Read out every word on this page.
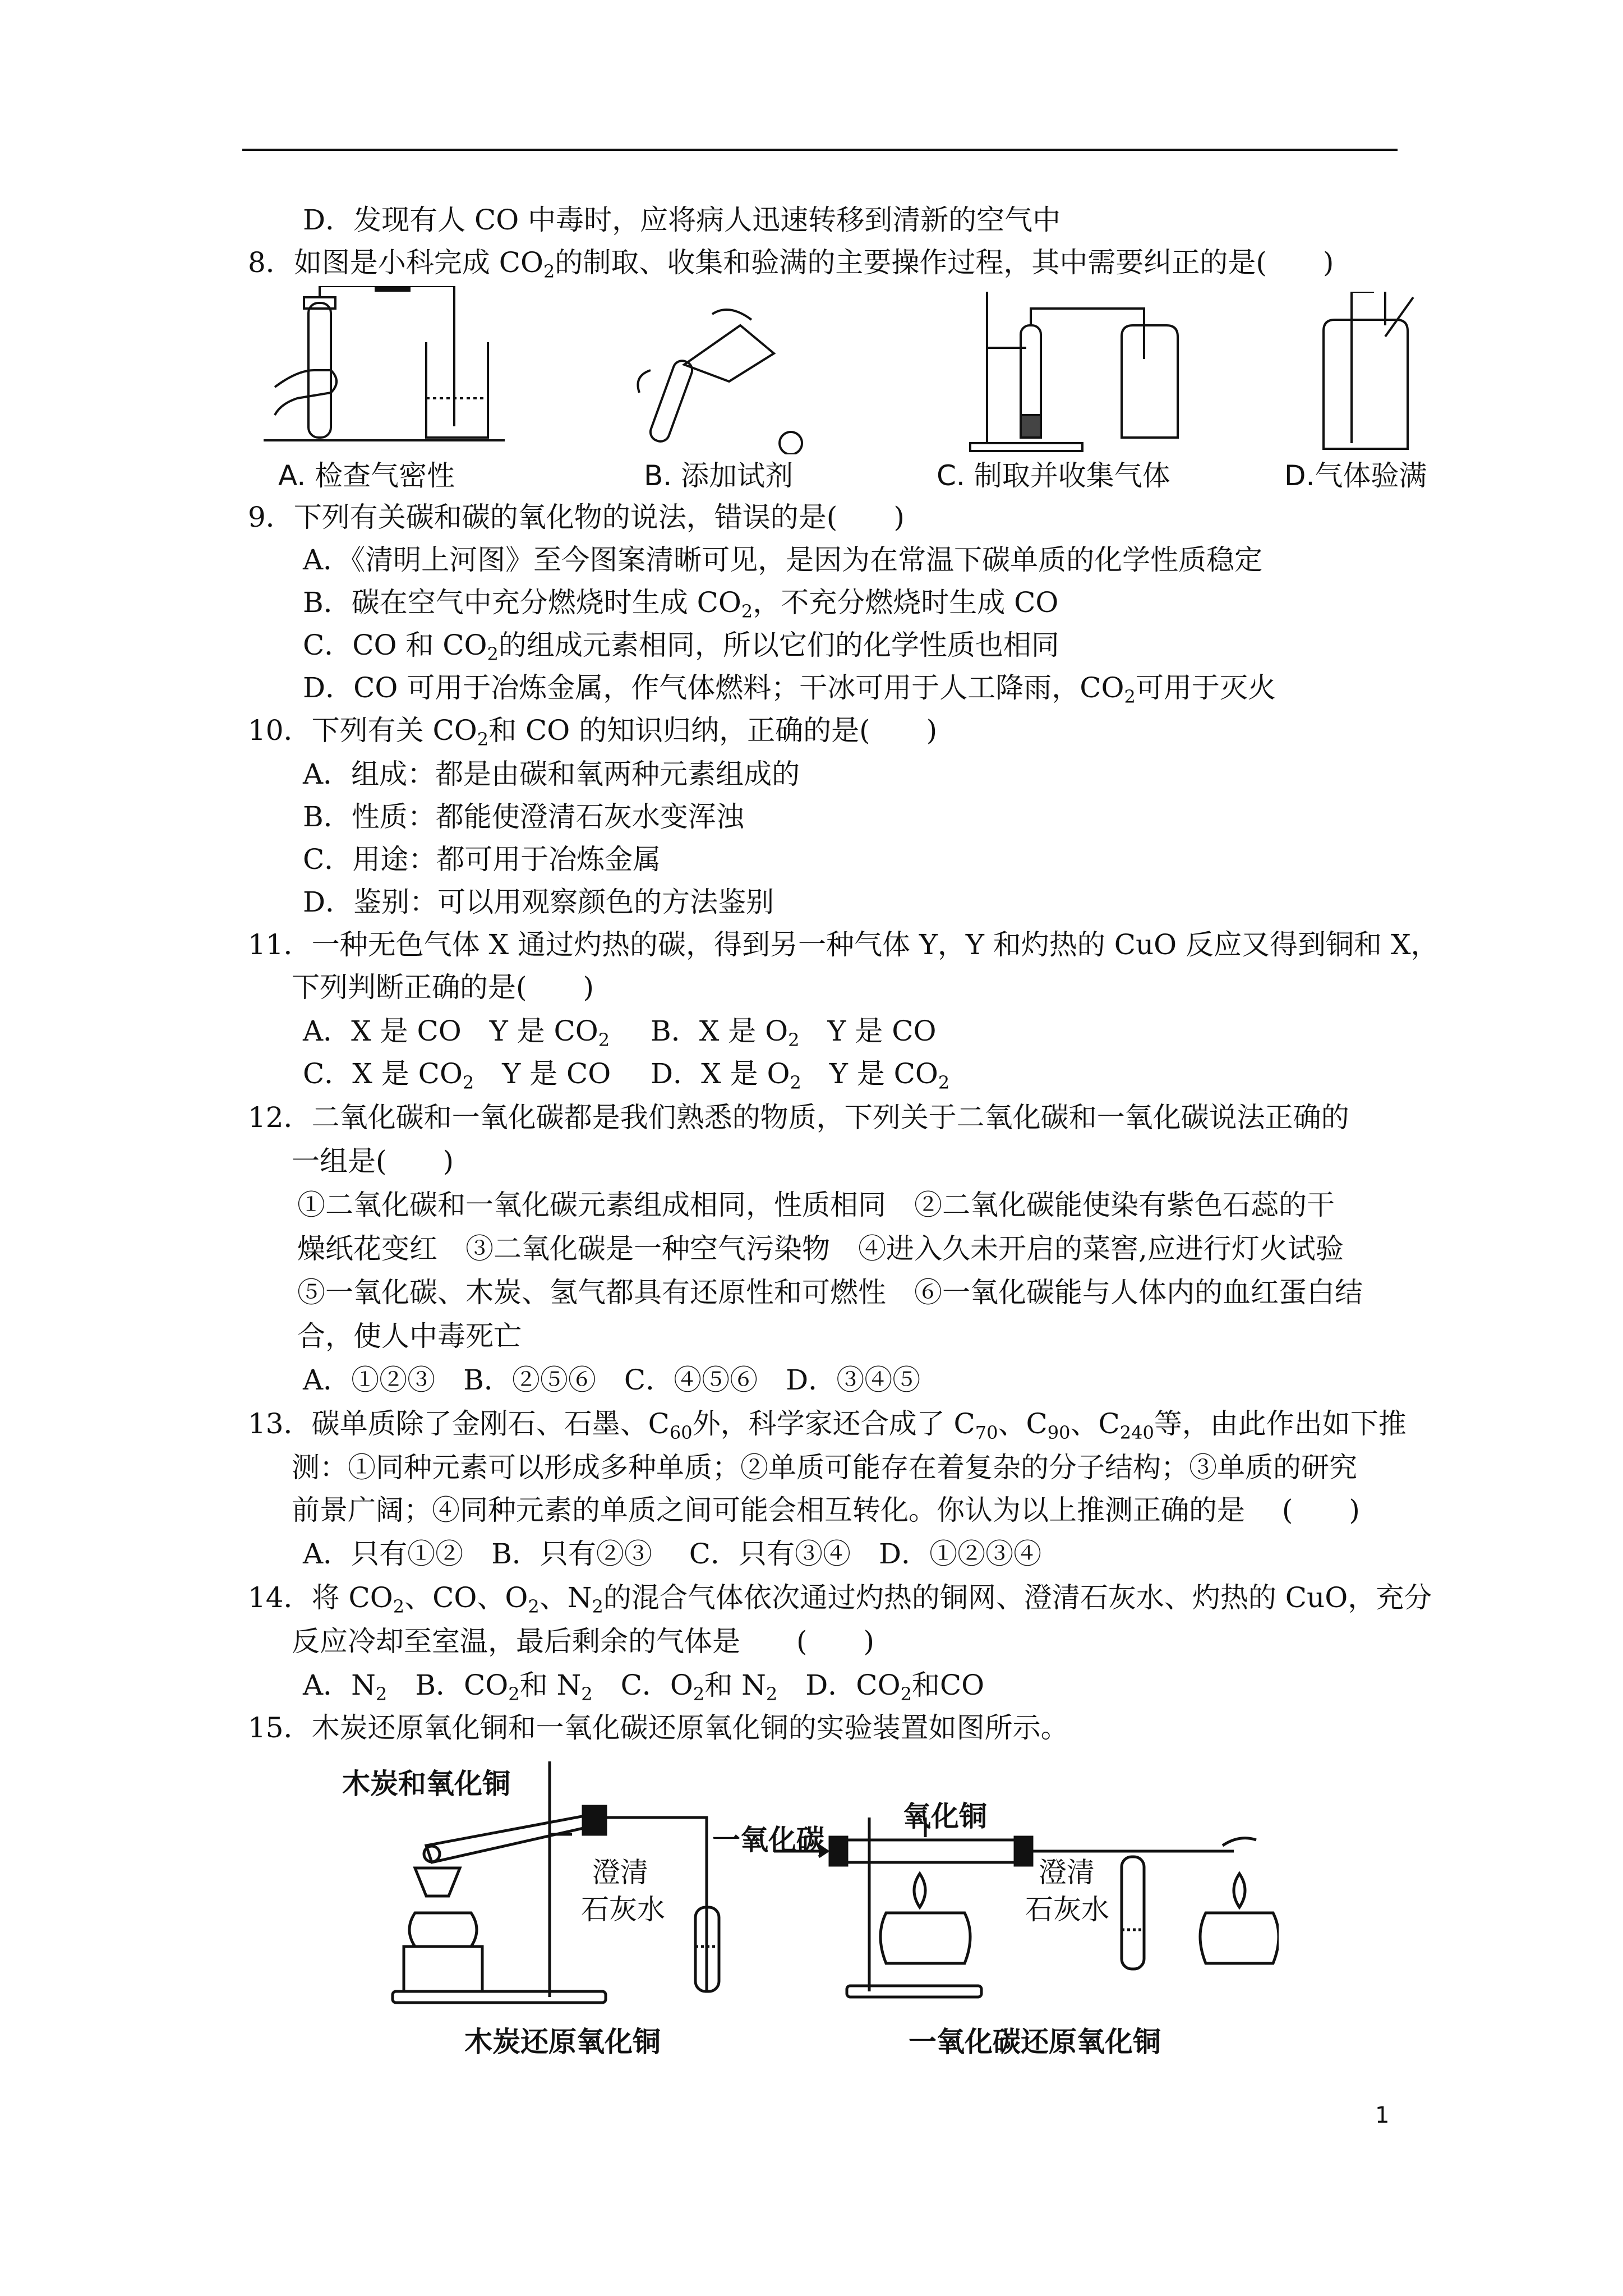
D．发现有人 CO 中毒时，应将病人迅速转移到清新的空气中
8．如图是小科完成 $CO_2$的制取、收集和验满的主要操作过程，其中需要纠正的是(　　)
A. 检查气密性	B. 添加试剂	C. 制取并收集气体	D.气体验满
9．下列有关碳和碳的氧化物的说法，错误的是(　　)
A．《清明上河图》至今图案清晰可见，是因为在常温下碳单质的化学性质稳定
B．碳在空气中充分燃烧时生成 $CO_2$，不充分燃烧时生成 CO
C．CO 和 $CO_2$的组成元素相同，所以它们的化学性质也相同
D．CO 可用于冶炼金属，作气体燃料；干冰可用于人工降雨，$CO_2$可用于灭火
10．下列有关 $CO_2$和 CO 的知识归纳，正确的是(　　)
A．组成：都是由碳和氧两种元素组成的
B．性质：都能使澄清石灰水变浑浊
C．用途：都可用于冶炼金属
D．鉴别：可以用观察颜色的方法鉴别
11．一种无色气体 X 通过灼热的碳，得到另一种气体 Y，Y 和灼热的 CuO 反应又得到铜和 X，
下列判断正确的是(　　)
A．X 是 CO　Y 是 $CO_2$ B．X 是 $O_2$　Y 是 CO
C．X 是 $CO_2$　Y 是 CO D．X 是 $O_2$　Y 是 $CO_2$
12．二氧化碳和一氧化碳都是我们熟悉的物质，下列关于二氧化碳和一氧化碳说法正确的
一组是(　　)
①二氧化碳和一氧化碳元素组成相同，性质相同　②二氧化碳能使染有紫色石蕊的干
燥纸花变红　③二氧化碳是一种空气污染物　④进入久未开启的菜窖,应进行灯火试验
⑤一氧化碳、木炭、氢气都具有还原性和可燃性　⑥一氧化碳能与人体内的血红蛋白结
合，使人中毒死亡
A．①②③　B．②⑤⑥　C．④⑤⑥　D．③④⑤
13．碳单质除了金刚石、石墨、$C_{60}$外，科学家还合成了 $C_{70}$、$C_{90}$、$C_{240}$等，由此作出如下推
测：①同种元素可以形成多种单质；②单质可能存在着复杂的分子结构；③单质的研究
前景广阔；④同种元素的单质之间可能会相互转化。你认为以上推测正确的是　 (　　)
A．只有①②　B．只有②③　 C．只有③④　D．①②③④
14．将 $CO_2$、CO、$O_2$、$N_2$的混合气体依次通过灼热的铜网、澄清石灰水、灼热的 CuO，充分
反应冷却至室温，最后剩余的气体是　　(　　)
A．$N_2$　B．$CO_2$和 $N_2$　C．$O_2$和 $N_2$　D．$CO_2$和CO
15．木炭还原氧化铜和一氧化碳还原氧化铜的实验装置如图所示。
木炭和氧化铜
澄清
石灰水
木炭还原氧化铜
一氧化碳
氧化铜
澄清
石灰水
一氧化碳还原氧化铜
1
